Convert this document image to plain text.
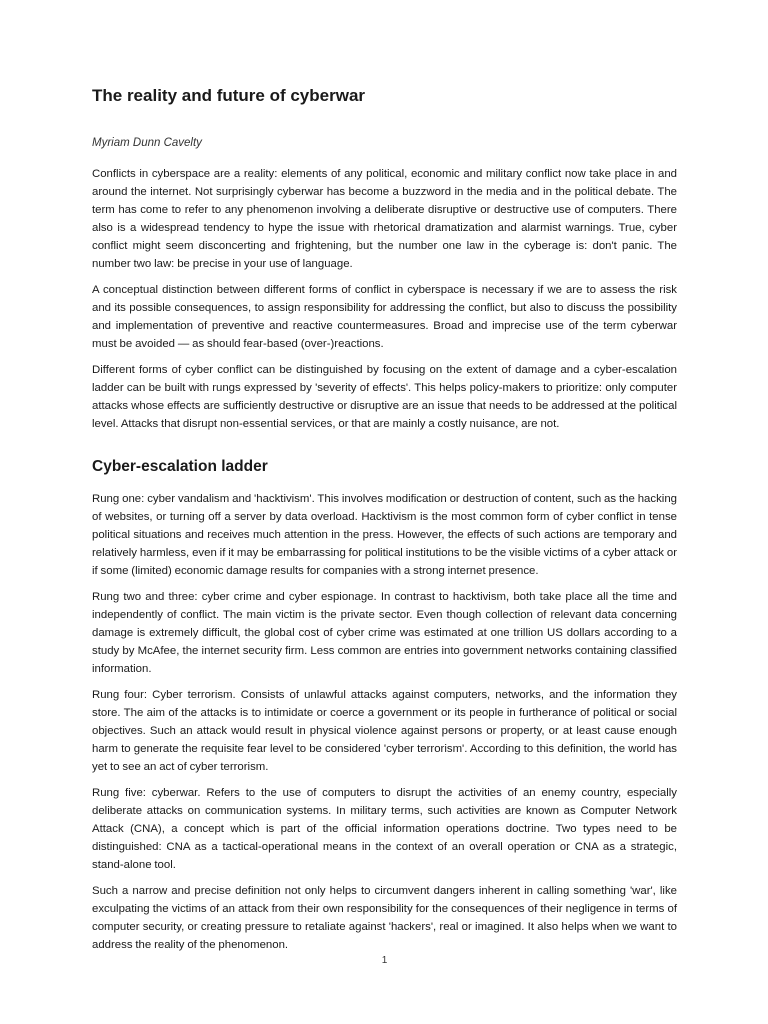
The reality and future of cyberwar

Myriam Dunn Cavelty

Conflicts in cyberspace are a reality: elements of any political, economic and military conflict now take place in and around the internet. Not surprisingly cyberwar has become a buzzword in the media and in the political debate. The term has come to refer to any phenomenon involving a deliberate disruptive or destructive use of computers. There also is a widespread tendency to hype the issue with rhetorical dramatization and alarmist warnings. True, cyber conflict might seem disconcerting and frightening, but the number one law in the cyberage is: don't panic. The number two law: be precise in your use of language.

A conceptual distinction between different forms of conflict in cyberspace is necessary if we are to assess the risk and its possible consequences, to assign responsibility for addressing the conflict, but also to discuss the possibility and implementation of preventive and reactive countermeasures. Broad and imprecise use of the term cyberwar must be avoided — as should fear-based (over-)reactions.

Different forms of cyber conflict can be distinguished by focusing on the extent of damage and a cyber-escalation ladder can be built with rungs expressed by 'severity of effects'. This helps policy-makers to prioritize: only computer attacks whose effects are sufficiently destructive or disruptive are an issue that needs to be addressed at the political level. Attacks that disrupt non-essential services, or that are mainly a costly nuisance, are not.

Cyber-escalation ladder

Rung one: cyber vandalism and 'hacktivism'. This involves modification or destruction of content, such as the hacking of websites, or turning off a server by data overload. Hacktivism is the most common form of cyber conflict in tense political situations and receives much attention in the press. However, the effects of such actions are temporary and relatively harmless, even if it may be embarrassing for political institutions to be the visible victims of a cyber attack or if some (limited) economic damage results for companies with a strong internet presence.

Rung two and three: cyber crime and cyber espionage. In contrast to hacktivism, both take place all the time and independently of conflict. The main victim is the private sector. Even though collection of relevant data concerning damage is extremely difficult, the global cost of cyber crime was estimated at one trillion US dollars according to a study by McAfee, the internet security firm. Less common are entries into government networks containing classified information.

Rung four: Cyber terrorism. Consists of unlawful attacks against computers, networks, and the information they store. The aim of the attacks is to intimidate or coerce a government or its people in furtherance of political or social objectives. Such an attack would result in physical violence against persons or property, or at least cause enough harm to generate the requisite fear level to be considered 'cyber terrorism'. According to this definition, the world has yet to see an act of cyber terrorism.

Rung five: cyberwar. Refers to the use of computers to disrupt the activities of an enemy country, especially deliberate attacks on communication systems. In military terms, such activities are known as Computer Network Attack (CNA), a concept which is part of the official information operations doctrine. Two types need to be distinguished: CNA as a tactical-operational means in the context of an overall operation or CNA as a strategic, stand-alone tool.

Such a narrow and precise definition not only helps to circumvent dangers inherent in calling something 'war', like exculpating the victims of an attack from their own responsibility for the consequences of their negligence in terms of computer security, or creating pressure to retaliate against 'hackers', real or imagined. It also helps when we want to address the reality of the phenomenon.

1
